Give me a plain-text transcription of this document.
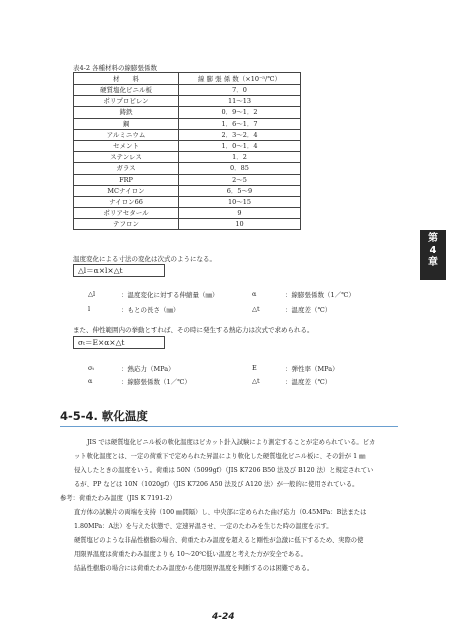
表4-2 各種材料の線膨張係数
材　　料	線 膨 張 係 数（×10⁻⁵/℃）
硬質塩化ビニル板	7．0
ポリプロピレン	11～13
鋳鉄	0．9～1．2
鋼	1．6～1．7
アルミニウム	2．3～2．4
セメント	1．0～1．4
ステンレス	1．2
ガラス	0．85
FRP	2～5
MCナイロン	6．5～9
ナイロン66	10～15
ポリアセタール	9
テフロン	10
温度変化による寸法の変化は次式のようになる。
△l＝α×l×△t
△l	：温度変化に対する伸縮量（㎜）	α	：線膨張係数（1／℃）
l	：もとの長さ（㎜）	△t	：温度差（℃）
また、伸性範囲内の挙動とすれば、その時に発生する熱応力は次式で求められる。
σₜ＝E×α×△t
σₜ	：熱応力（MPa）	E	：弾性率（MPa）
α	：線膨張係数（1／℃）	△t	：温度差（℃）
第
4
章
4-5-4. 軟化温度
JIS では硬質塩化ビニル板の軟化温度はビカット針入試験により測定することが定められている。ビカ
ット軟化温度とは、一定の荷重下で定められた昇温により軟化した硬質塩化ビニル板に、その針が 1 ㎜
侵入したときの温度をいう。荷重は 50N（5099gf）（JIS K7206 B50 法及び B120 法）と規定されてい
るが、PP などは 10N（1020gf）（JIS K7206 A50 法及び A120 法）が一般的に使用されている。
参考：荷重たわみ温度（JIS K 7191-2）
直方体の試験片の両端を支持（100 ㎜間隔）し、中央部に定められた曲げ応力（0.45MPa：B法または
1.80MPa：A法）を与えた状態で、定速昇温させ、一定のたわみを生じた時の温度を示す。
硬質塩ビのような非晶性樹脂の場合、荷重たわみ温度を超えると剛性が急激に低下するため、実際の使
用限界温度は荷重たわみ温度よりも 10～20℃低い温度と考えた方が安全である。
結晶性樹脂の場合には荷重たわみ温度から使用限界温度を判断するのは困難である。
4-24
